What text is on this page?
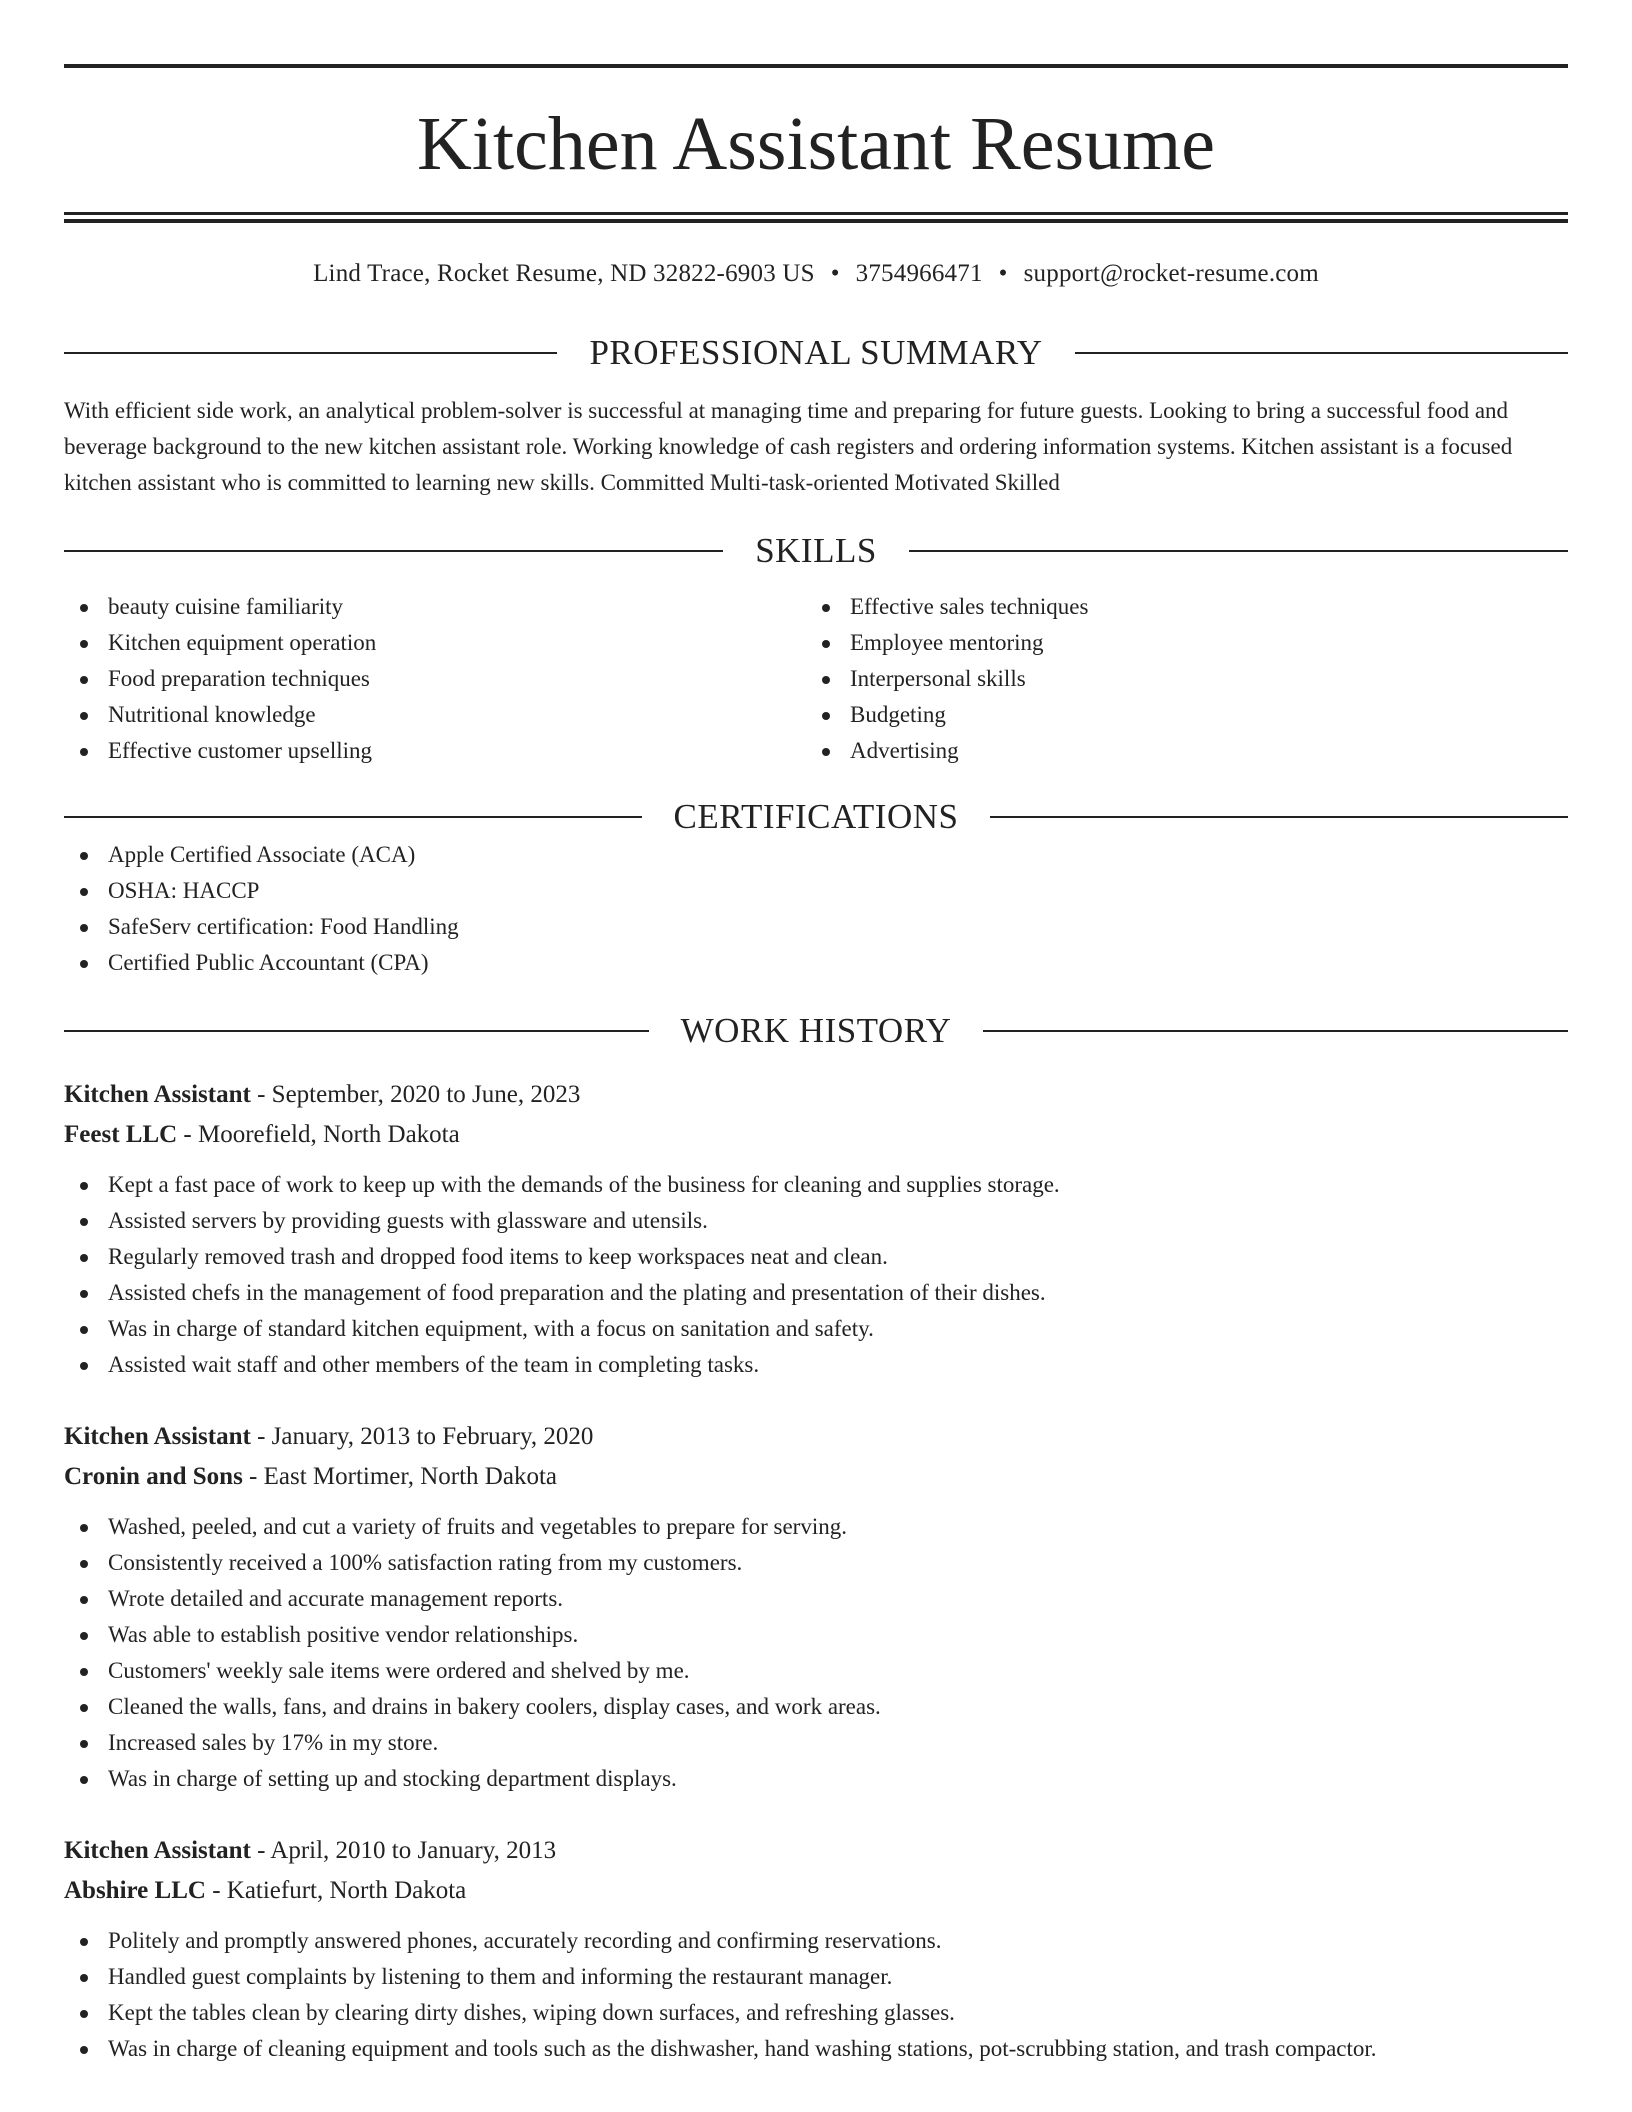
Kitchen Assistant Resume
Lind Trace, Rocket Resume, ND 32822-6903 US • 3754966471 • support@rocket-resume.com
PROFESSIONAL SUMMARY
With efficient side work, an analytical problem-solver is successful at managing time and preparing for future guests. Looking to bring a successful food and beverage background to the new kitchen assistant role. Working knowledge of cash registers and ordering information systems. Kitchen assistant is a focused kitchen assistant who is committed to learning new skills. Committed Multi-task-oriented Motivated Skilled
SKILLS
beauty cuisine familiarity
Kitchen equipment operation
Food preparation techniques
Nutritional knowledge
Effective customer upselling
Effective sales techniques
Employee mentoring
Interpersonal skills
Budgeting
Advertising
CERTIFICATIONS
Apple Certified Associate (ACA)
OSHA: HACCP
SafeServ certification: Food Handling
Certified Public Accountant (CPA)
WORK HISTORY
Kitchen Assistant - September, 2020 to June, 2023
Feest LLC - Moorefield, North Dakota
Kept a fast pace of work to keep up with the demands of the business for cleaning and supplies storage.
Assisted servers by providing guests with glassware and utensils.
Regularly removed trash and dropped food items to keep workspaces neat and clean.
Assisted chefs in the management of food preparation and the plating and presentation of their dishes.
Was in charge of standard kitchen equipment, with a focus on sanitation and safety.
Assisted wait staff and other members of the team in completing tasks.
Kitchen Assistant - January, 2013 to February, 2020
Cronin and Sons - East Mortimer, North Dakota
Washed, peeled, and cut a variety of fruits and vegetables to prepare for serving.
Consistently received a 100% satisfaction rating from my customers.
Wrote detailed and accurate management reports.
Was able to establish positive vendor relationships.
Customers' weekly sale items were ordered and shelved by me.
Cleaned the walls, fans, and drains in bakery coolers, display cases, and work areas.
Increased sales by 17% in my store.
Was in charge of setting up and stocking department displays.
Kitchen Assistant - April, 2010 to January, 2013
Abshire LLC - Katiefurt, North Dakota
Politely and promptly answered phones, accurately recording and confirming reservations.
Handled guest complaints by listening to them and informing the restaurant manager.
Kept the tables clean by clearing dirty dishes, wiping down surfaces, and refreshing glasses.
Was in charge of cleaning equipment and tools such as the dishwasher, hand washing stations, pot-scrubbing station, and trash compactor.
